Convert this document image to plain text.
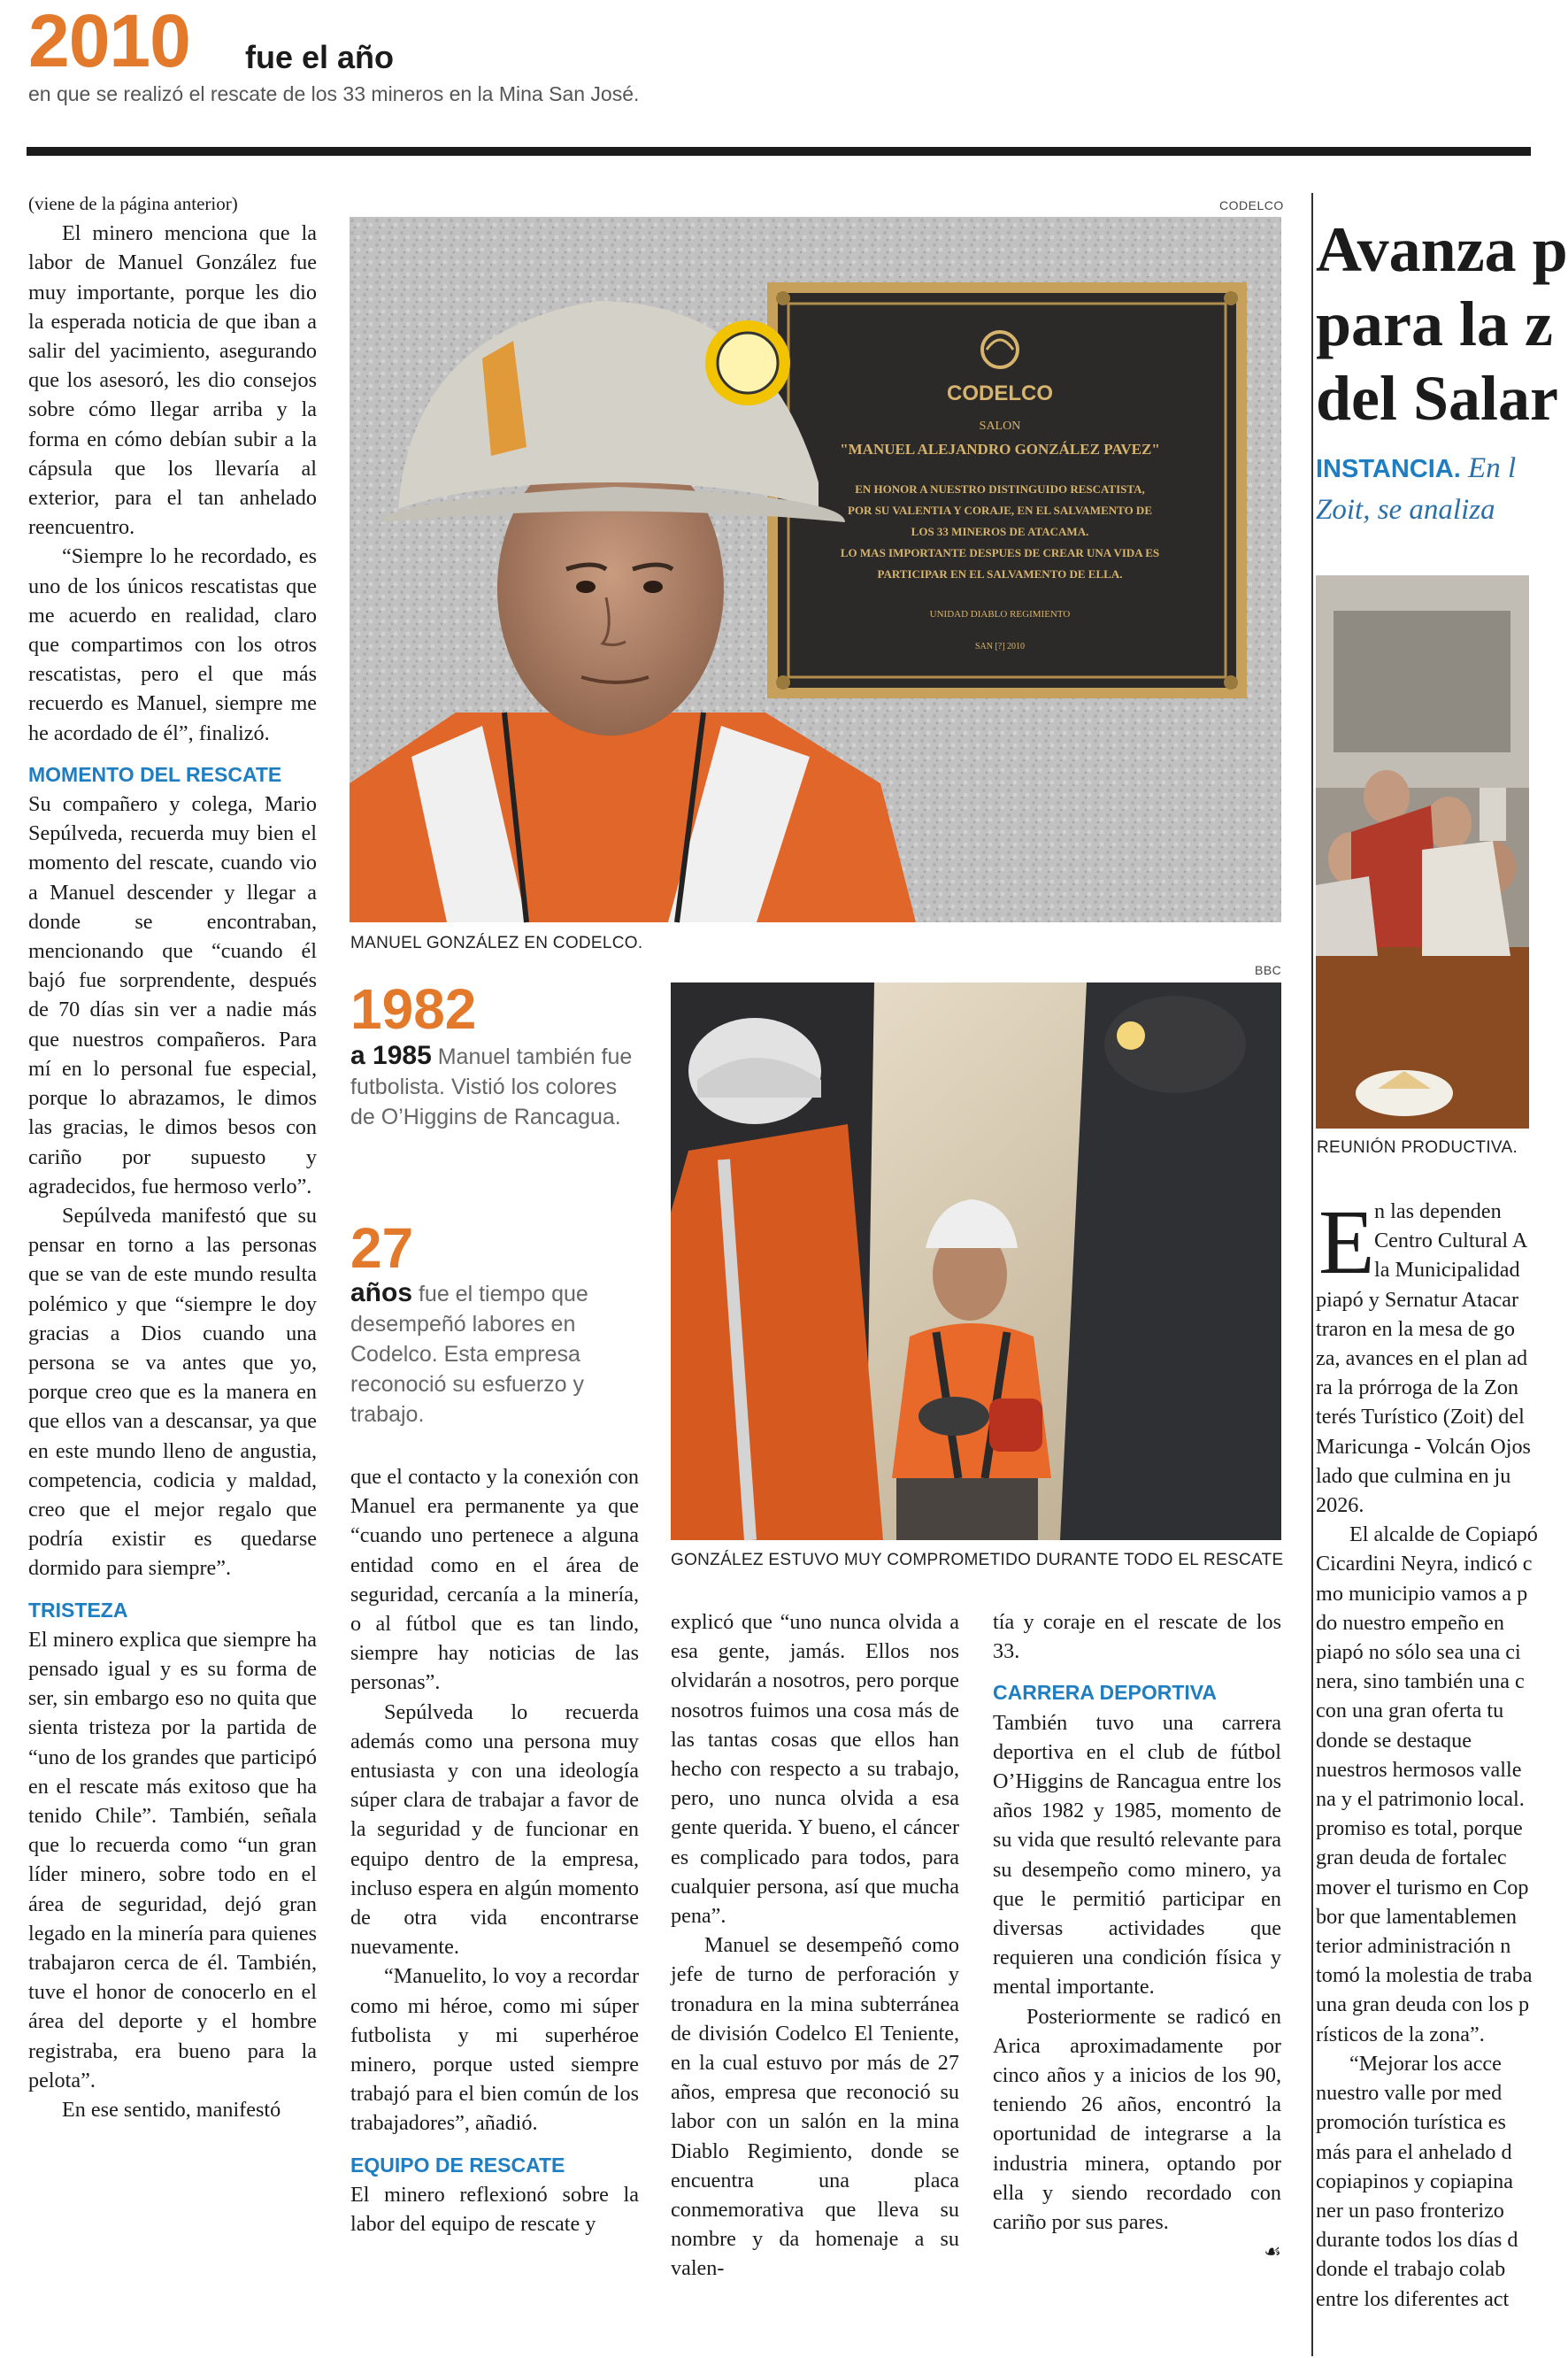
2010 fue el año
en que se realizó el rescate de los 33 mineros en la Mina San José.

(viene de la página anterior)

El minero menciona que la labor de Manuel González fue muy importante, porque les dio la esperada noticia de que iban a salir del yacimiento, asegurando que los asesoró, les dio consejos sobre cómo llegar arriba y la forma en cómo debían subir a la cápsula que los llevaría al exterior, para el tan anhelado reencuentro.

“Siempre lo he recordado, es uno de los únicos rescatistas que me acuerdo en realidad, claro que compartimos con los otros rescatistas, pero el que más recuerdo es Manuel, siempre me he acordado de él”, finalizó.

MOMENTO DEL RESCATE

Su compañero y colega, Mario Sepúlveda, recuerda muy bien el momento del rescate, cuando vio a Manuel descender y llegar a donde se encontraban, mencionando que “cuando él bajó fue sorprendente, después de 70 días sin ver a nadie más que nuestros compañeros. Para mí en lo personal fue especial, porque lo abrazamos, le dimos las gracias, le dimos besos con cariño por supuesto y agradecidos, fue hermoso verlo”.

Sepúlveda manifestó que su pensar en torno a las personas que se van de este mundo resulta polémico y que “siempre le doy gracias a Dios cuando una persona se va antes que yo, porque creo que es la manera en que ellos van a descansar, ya que en este mundo lleno de angustia, competencia, codicia y maldad, creo que el mejor regalo que podría existir es quedarse dormido para siempre”.

TRISTEZA

El minero explica que siempre ha pensado igual y es su forma de ser, sin embargo eso no quita que sienta tristeza por la partida de “uno de los grandes que participó en el rescate más exitoso que ha tenido Chile”. También, señala que lo recuerda como “un gran líder minero, sobre todo en el área de seguridad, dejó gran legado en la minería para quienes trabajaron cerca de él. También, tuve el honor de conocerlo en el área del deporte y el hombre registraba, era bueno para la pelota”.

En ese sentido, manifestó

CODELCO
CODELCO
SALON
"MANUEL ALEJANDRO GONZÁLEZ PAVEZ"
EN HONOR A NUESTRO DISTINGUIDO RESCATISTA,
POR SU VALENTIA Y CORAJE, EN EL SALVAMENTO DE
LOS 33 MINEROS DE ATACAMA.
LO MAS IMPORTANTE DESPUES DE CREAR UNA VIDA ES
PARTICIPAR EN EL SALVAMENTO DE ELLA.
UNIDAD DIABLO REGIMIENTO
SAN [?] 2010
MANUEL GONZÁLEZ EN CODELCO.
1982
a 1985 Manuel también fue futbolista. Vistió los colores de O’Higgins de Rancagua.
27
años fue el tiempo que desempeñó labores en Codelco. Esta empresa reconoció su esfuerzo y trabajo.
BBC
GONZÁLEZ ESTUVO MUY COMPROMETIDO DURANTE TODO EL RESCATE

que el contacto y la conexión con Manuel era permanente ya que “cuando uno pertenece a alguna entidad como en el área de seguridad, cercanía a la minería, o al fútbol que es tan lindo, siempre hay noticias de las personas”.

Sepúlveda lo recuerda además como una persona muy entusiasta y con una ideología súper clara de trabajar a favor de la seguridad y de funcionar en equipo dentro de la empresa, incluso espera en algún momento de otra vida encontrarse nuevamente.

“Manuelito, lo voy a recordar como mi héroe, como mi súper futbolista y mi superhéroe minero, porque usted siempre trabajó para el bien común de los trabajadores”, añadió.

EQUIPO DE RESCATE

El minero reflexionó sobre la labor del equipo de rescate y

explicó que “uno nunca olvida a esa gente, jamás. Ellos nos olvidarán a nosotros, pero porque nosotros fuimos una cosa más de las tantas cosas que ellos han hecho con respecto a su trabajo, pero, uno nunca olvida a esa gente querida. Y bueno, el cáncer es complicado para todos, para cualquier persona, así que mucha pena”.

Manuel se desempeñó como jefe de turno de perforación y tronadura en la mina subterránea de división Codelco El Teniente, en la cual estuvo por más de 27 años, empresa que reconoció su labor con un salón en la mina Diablo Regimiento, donde se encuentra una placa conmemorativa que lleva su nombre y da homenaje a su valen-

tía y coraje en el rescate de los 33.

CARRERA DEPORTIVA

También tuvo una carrera deportiva en el club de fútbol O’Higgins de Rancagua entre los años 1982 y 1985, momento de su vida que resultó relevante para su desempeño como minero, ya que le permitió participar en diversas actividades que requieren una condición física y mental importante.

Posteriormente se radicó en Arica aproximadamente por cinco años y a inicios de los 90, teniendo 26 años, encontró la oportunidad de integrarse a la industria minera, optando por ella y siendo recordado con cariño por sus pares.

☙
Avanza p
para la z
del Salar
INSTANCIA. En l
Zoit, se analiza
REUNIÓN PRODUCTIVA.
E n las dependen
Centro Cultural A
la Municipalidad
piapó y Sernatur Atacar
traron en la mesa de go
za, avances en el plan ad
ra la prórroga de la Zon
terés Turístico (Zoit) del
Maricunga - Volcán Ojos
lado que culmina en ju
2026.
El alcalde de Copiapó
Cicardini Neyra, indicó c
mo municipio vamos a p
do nuestro empeño en
piapó no sólo sea una ci
nera, sino también una c
con una gran oferta tu
donde se destaque
nuestros hermosos valle
na y el patrimonio local.
promiso es total, porque
gran deuda de fortalec
mover el turismo en Cop
bor que lamentablemen
terior administración n
tomó la molestia de traba
una gran deuda con los p
rísticos de la zona”.
“Mejorar los acce
nuestro valle por med
promoción turística es
más para el anhelado d
copiapinos y copiapina
ner un paso fronterizo
durante todos los días d
donde el trabajo colab
entre los diferentes act
